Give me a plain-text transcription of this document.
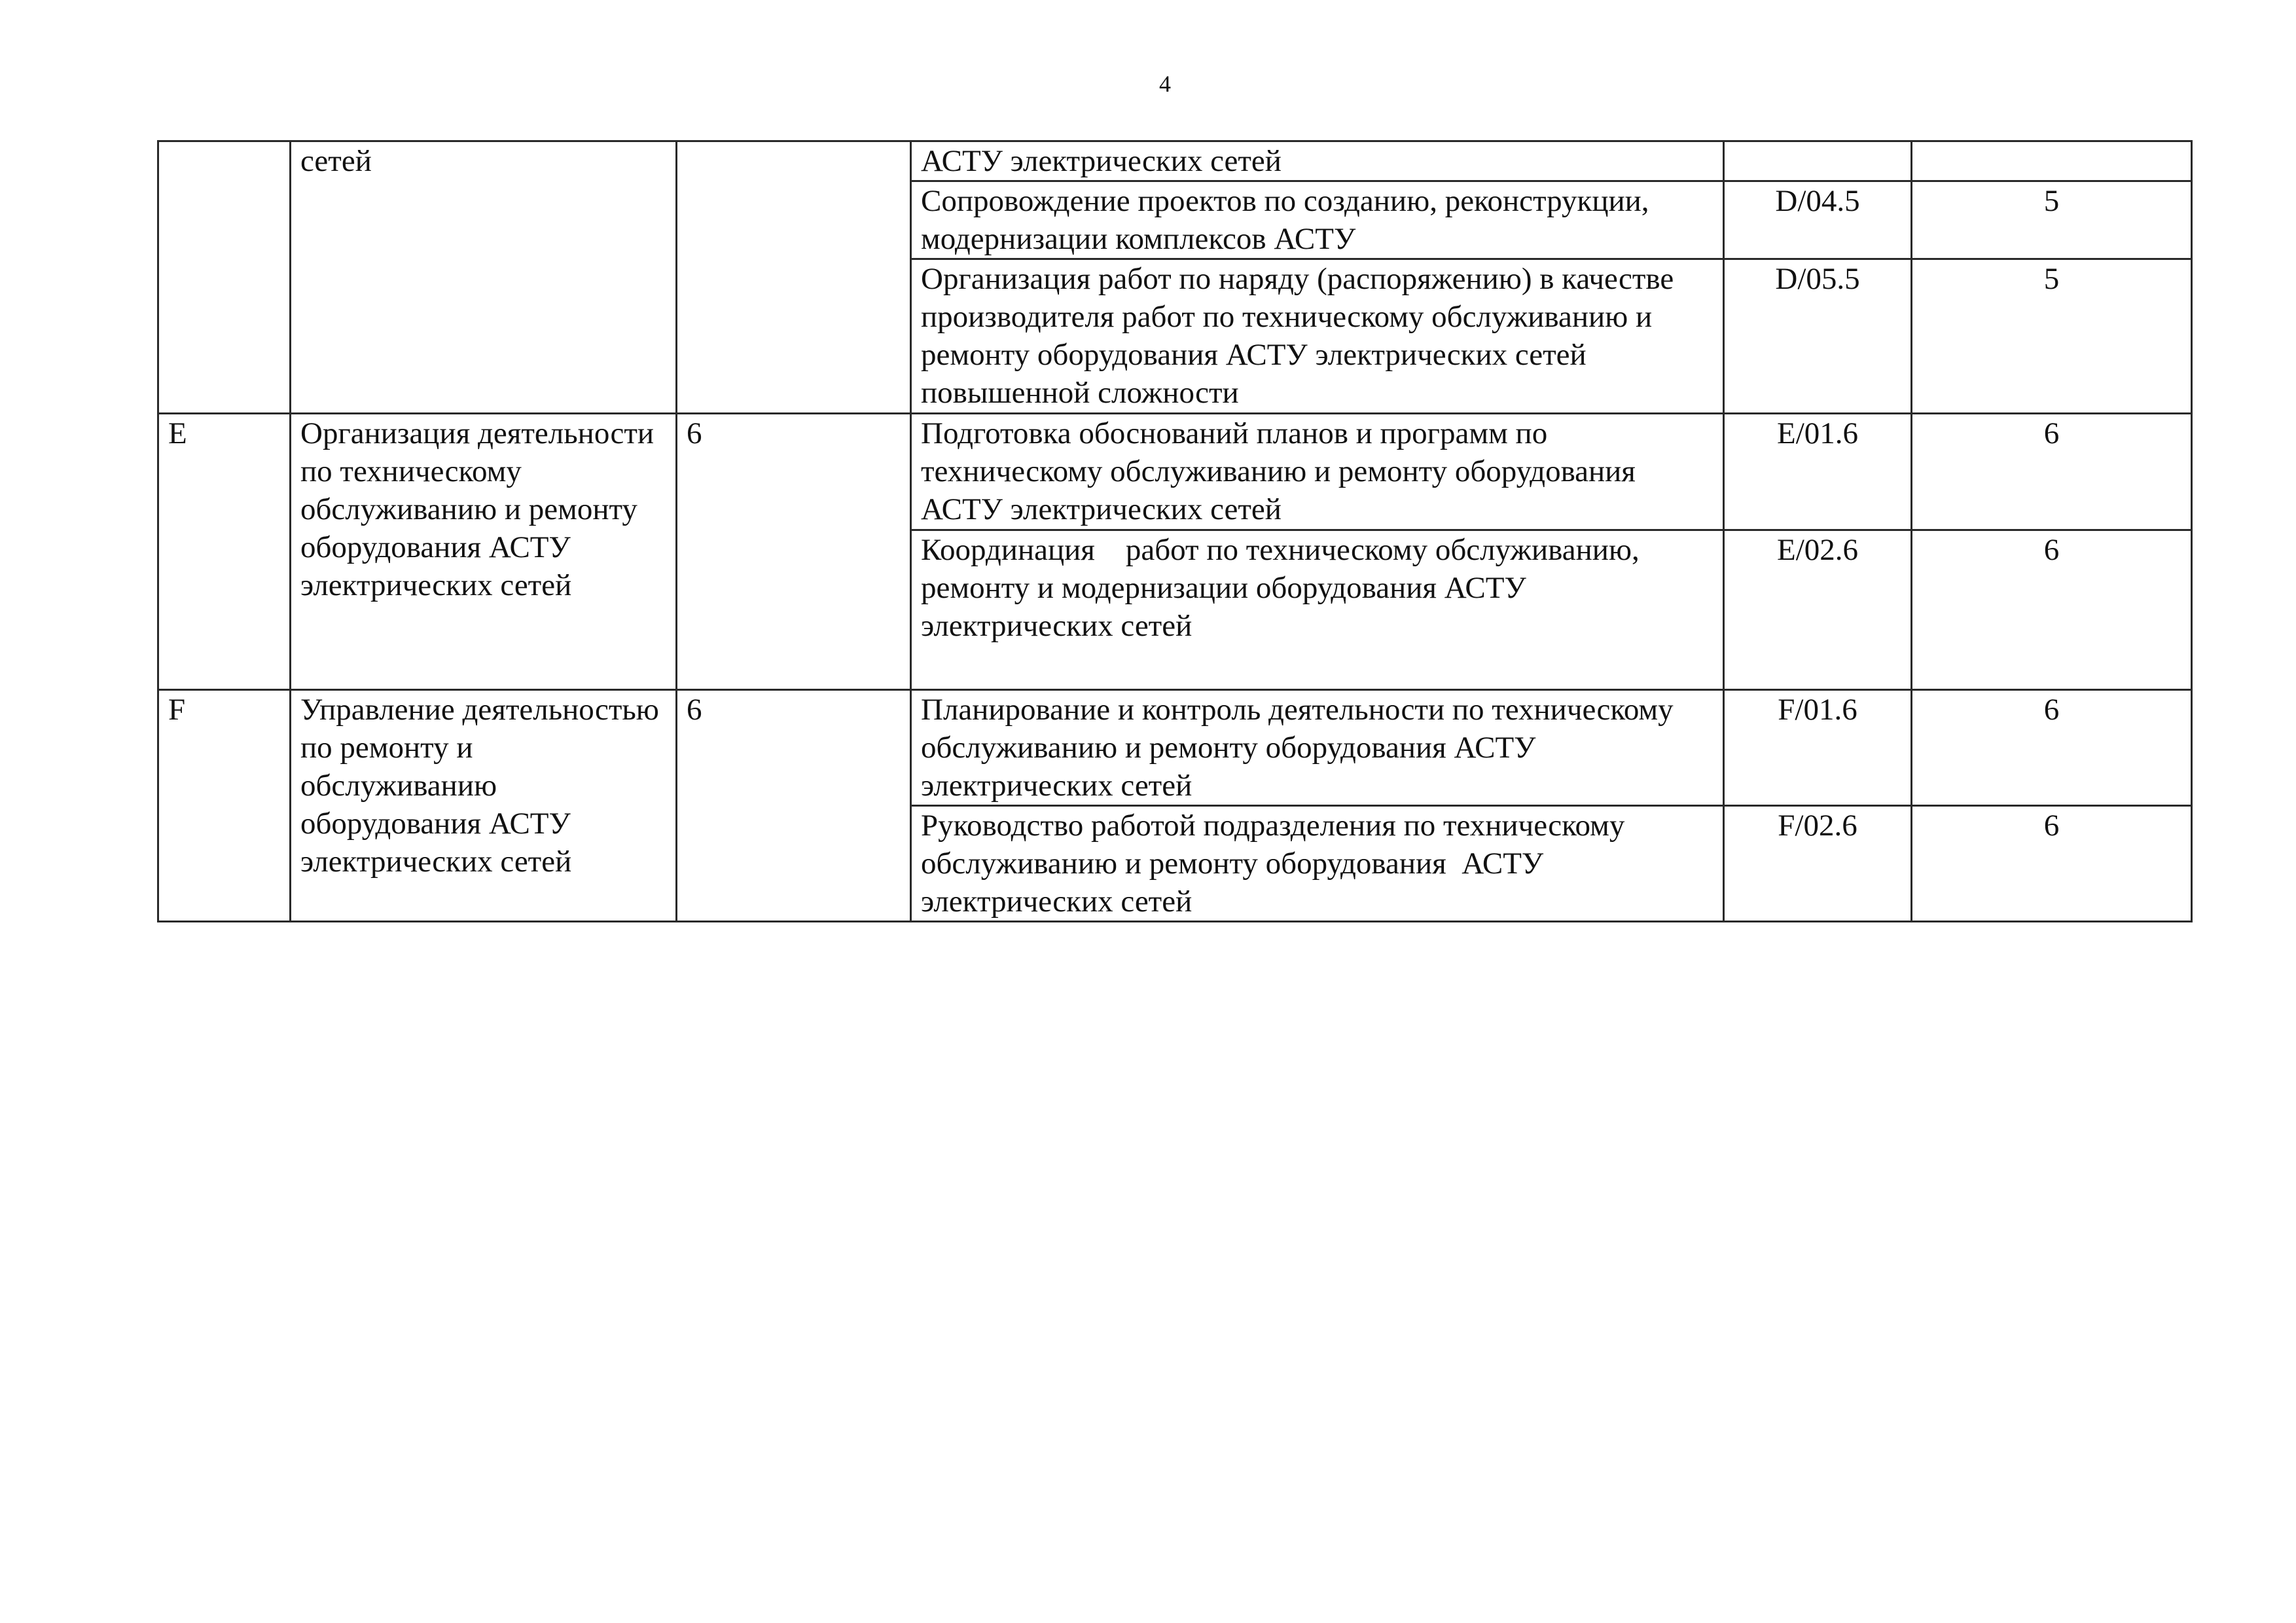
4
	сетей		АСТУ электрических сетей		
			Сопровождение проектов по созданию, реконструкции, модернизации комплексов АСТУ	D/04.5	5
			Организация работ по наряду (распоряжению) в качестве производителя работ по техническому обслуживанию и ремонту оборудования АСТУ электрических сетей повышенной сложности	D/05.5	5
E	Организация деятельности по техническому обслуживанию и ремонту оборудования АСТУ электрических сетей	6	Подготовка обоснований планов и программ по техническому обслуживанию и ремонту оборудования АСТУ электрических сетей	E/01.6	6
			Координация    работ по техническому обслуживанию, ремонту и модернизации оборудования АСТУ электрических сетей	E/02.6	6
F	Управление деятельностью по ремонту и обслуживанию оборудования АСТУ электрических сетей	6	Планирование и контроль деятельности по техническому обслуживанию и ремонту оборудования АСТУ электрических сетей	F/01.6	6
			Руководство работой подразделения по техническому обслуживанию и ремонту оборудования  АСТУ электрических сетей	F/02.6	6
